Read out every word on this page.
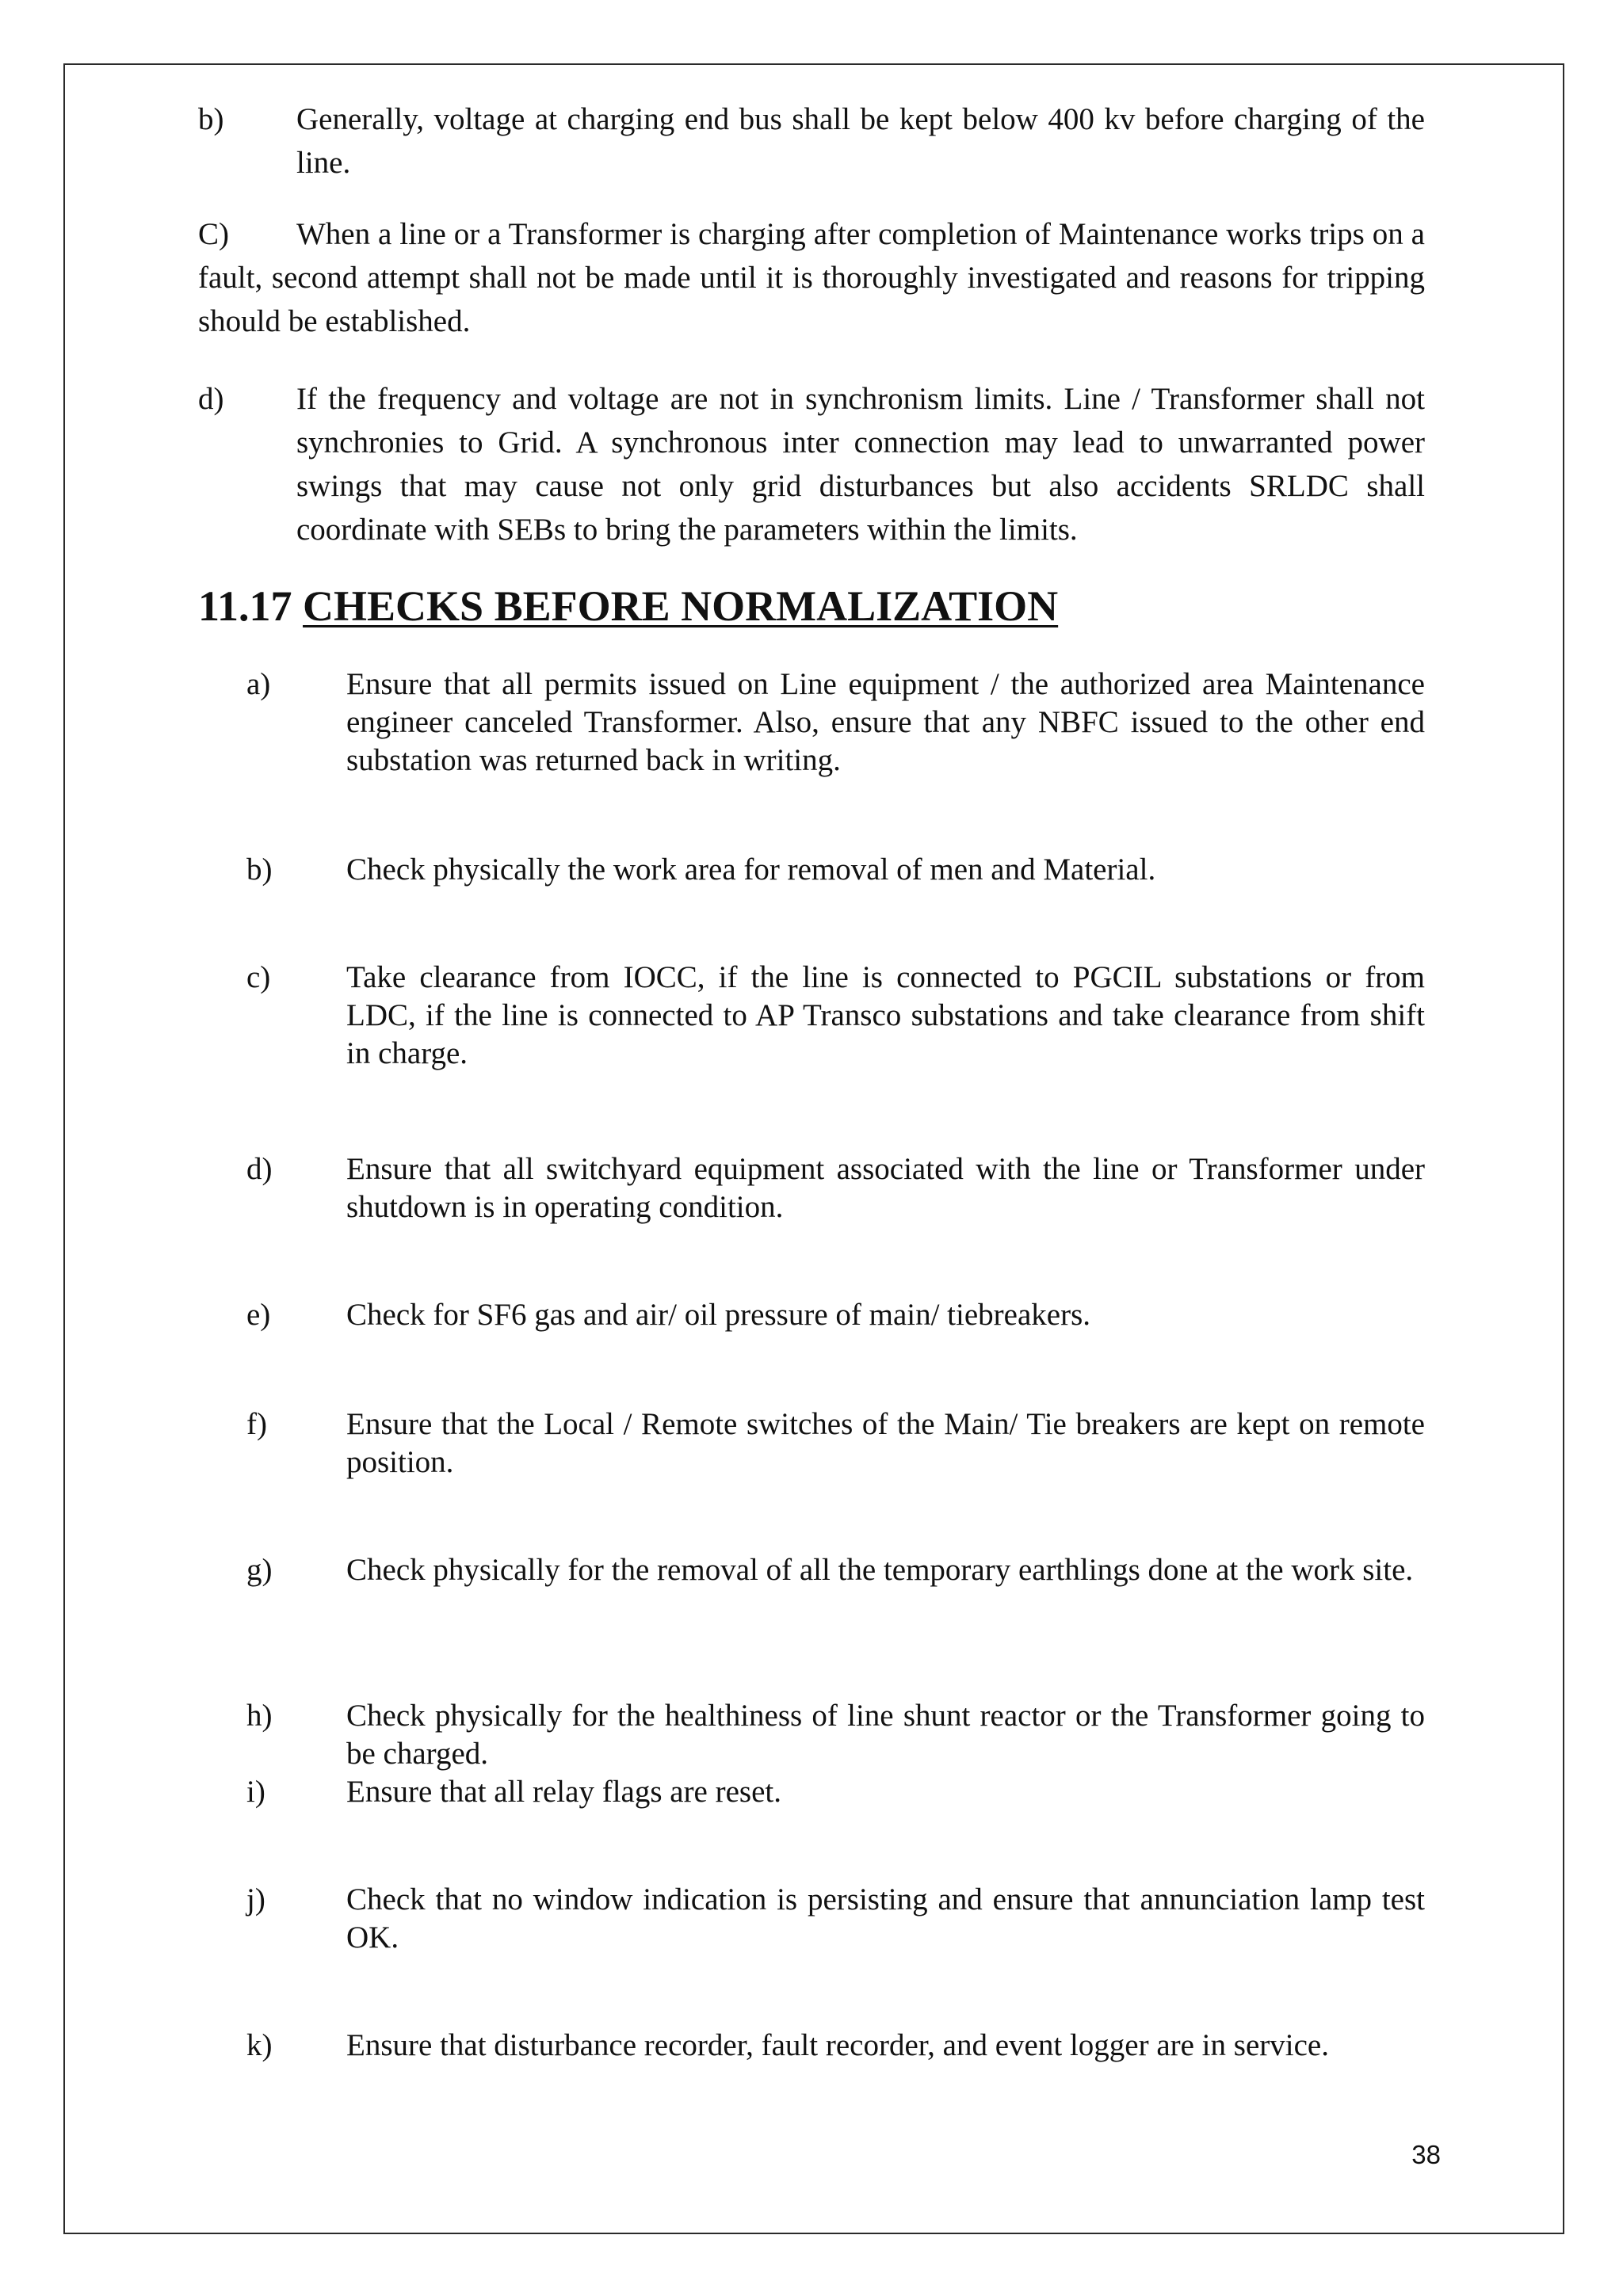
b) Generally, voltage at charging end bus shall be kept below 400 kv before charging of the line.
C) When a line or a Transformer is charging after completion of Maintenance works trips on a fault, second attempt shall not be made until it is thoroughly investigated and reasons for tripping should be established.
d) If the frequency and voltage are not in synchronism limits. Line / Transformer shall not synchronies to Grid. A synchronous inter connection may lead to unwarranted power swings that may cause not only grid disturbances but also accidents SRLDC shall coordinate with SEBs to bring the parameters within the limits.
11.17 CHECKS BEFORE NORMALIZATION
a) Ensure that all permits issued on Line equipment / the authorized area Maintenance engineer canceled Transformer. Also, ensure that any NBFC issued to the other end substation was returned back in writing.
b) Check physically the work area for removal of men and Material.
c) Take clearance from IOCC, if the line is connected to PGCIL substations or from LDC, if the line is connected to AP Transco substations and take clearance from shift in charge.
d) Ensure that all switchyard equipment associated with the line or Transformer under shutdown is in operating condition.
e) Check for SF6 gas and air/ oil pressure of main/ tiebreakers.
f)	Ensure that the Local / Remote switches of the Main/ Tie breakers are kept on remote position.
g) Check physically for the removal of all the temporary earthlings done at the work site.
h) Check physically for the healthiness of line shunt reactor or the Transformer going to be charged.
i)	Ensure that all relay flags are reset.
j)	Check that no window indication is persisting and ensure that annunciation lamp test OK.
k) Ensure that disturbance recorder, fault recorder, and event logger are in service.
38
